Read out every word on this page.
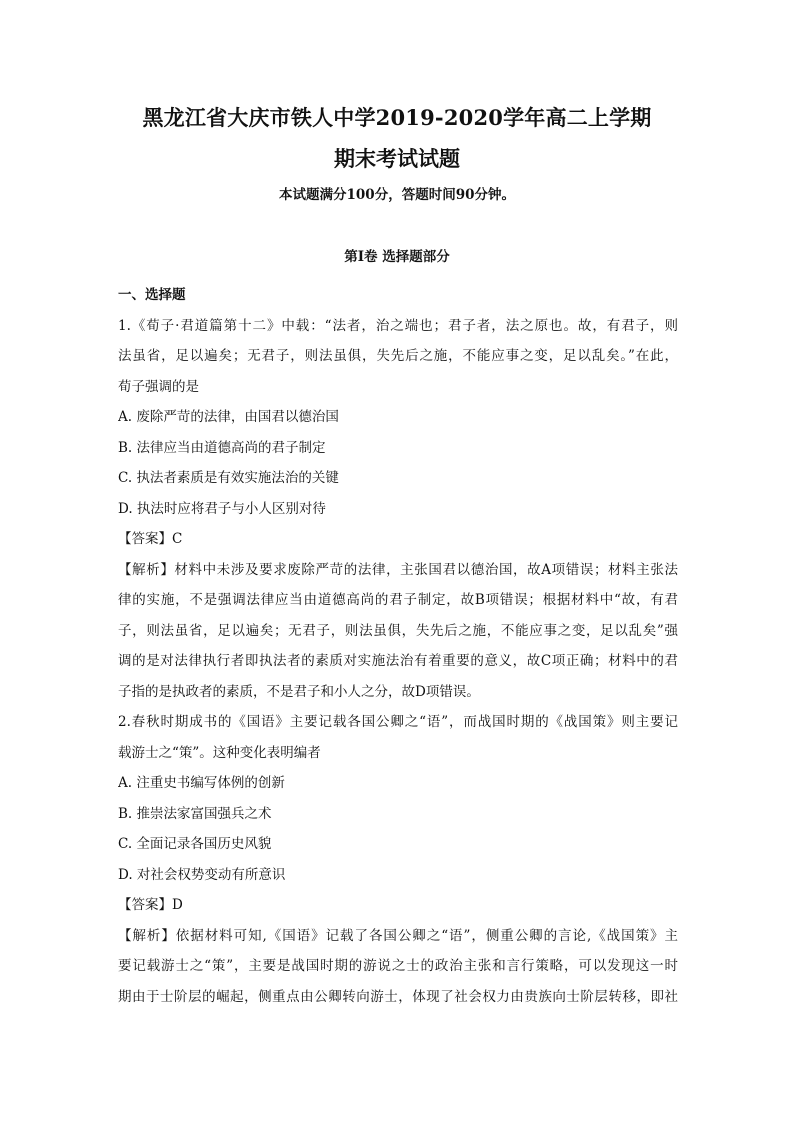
黑龙江省大庆市铁人中学2019-2020学年高二上学期
期末考试试题
本试题满分100分，答题时间90分钟。
第Ⅰ卷 选择题部分
一、选择题
1.《荀子·君道篇第十二》中载：“法者，治之端也；君子者，法之原也。故，有君子，则
法虽省，足以遍矣；无君子，则法虽俱，失先后之施，不能应事之变，足以乱矣。”在此，
荀子强调的是
A. 废除严苛的法律，由国君以德治国
B. 法律应当由道德高尚的君子制定
C. 执法者素质是有效实施法治的关键
D. 执法时应将君子与小人区别对待
【答案】C
【解析】材料中未涉及要求废除严苛的法律，主张国君以德治国，故A项错误；材料主张法
律的实施，不是强调法律应当由道德高尚的君子制定，故B项错误；根据材料中“故，有君
子，则法虽省，足以遍矣；无君子，则法虽俱，失先后之施，不能应事之变，足以乱矣”强
调的是对法律执行者即执法者的素质对实施法治有着重要的意义，故C项正确；材料中的君
子指的是执政者的素质，不是君子和小人之分，故D项错误。
2.春秋时期成书的《国语》主要记载各国公卿之“语”，而战国时期的《战国策》则主要记
载游士之“策”。这种变化表明编者
A. 注重史书编写体例的创新
B. 推崇法家富国强兵之术
C. 全面记录各国历史风貌
D. 对社会权势变动有所意识
【答案】D
【解析】依据材料可知,《国语》记载了各国公卿之“语”，侧重公卿的言论,《战国策》主
要记载游士之“策”，主要是战国时期的游说之士的政治主张和言行策略，可以发现这一时
期由于士阶层的崛起，侧重点由公卿转向游士，体现了社会权力由贵族向士阶层转移，即社
